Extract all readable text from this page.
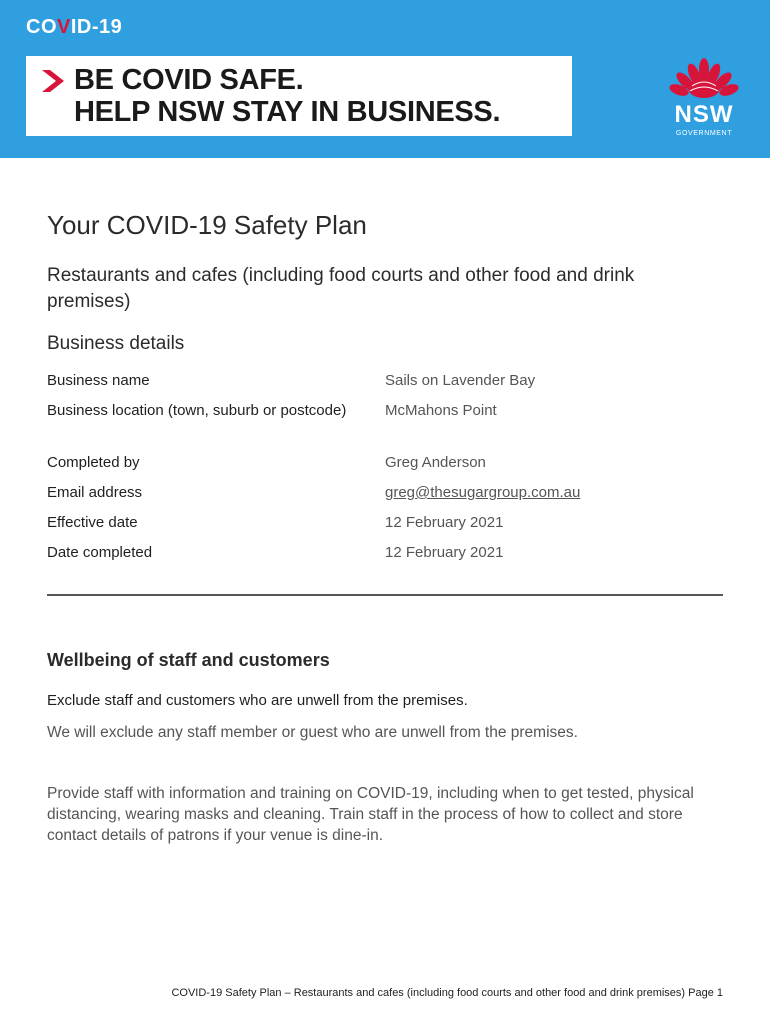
COVID-19
BE COVID SAFE.
HELP NSW STAY IN BUSINESS.	NSW
GOVERNMENT
Your COVID-19 Safety Plan
Restaurants and cafes (including food courts and other food and drink premises)
Business details
Business name	Sails on Lavender Bay
Business location (town, suburb or postcode)	McMahons Point
Completed by	Greg Anderson
Email address	greg@thesugargroup.com.au
Effective date	12 February 2021
Date completed	12 February 2021
Wellbeing of staff and customers
Exclude staff and customers who are unwell from the premises.
We will exclude any staff member or guest who are unwell from the premises.
Provide staff with information and training on COVID-19, including when to get tested, physical distancing, wearing masks and cleaning. Train staff in the process of how to collect and store contact details of patrons if your venue is dine-in.
COVID-19 Safety Plan – Restaurants and cafes (including food courts and other food and drink premises) Page 1
